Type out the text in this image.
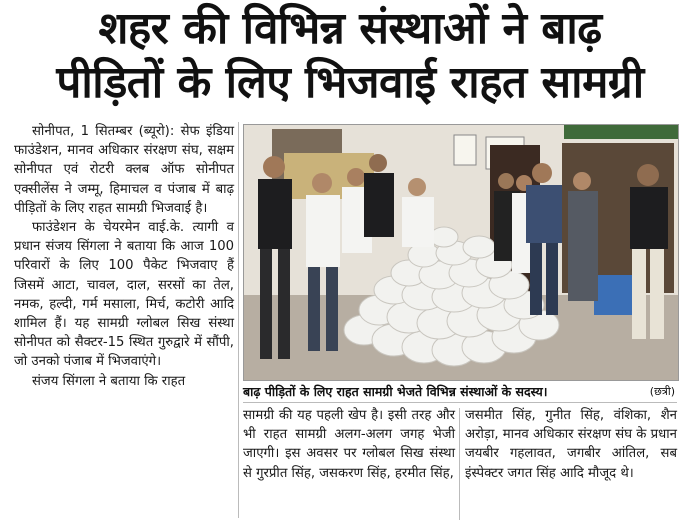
शहर की विभिन्न संस्थाओं ने बाढ़
पीड़ितों के लिए भिजवाई राहत सामग्री

सोनीपत, 1 सितम्बर (ब्यूरो): सेफ इंडिया फाउंडेशन, मानव अधिकार संरक्षण संघ, सक्षम सोनीपत एवं रोटरी क्लब ऑफ सोनीपत एक्सीलेंस ने जम्मू, हिमाचल व पंजाब में बाढ़ पीड़ितों के लिए राहत सामग्री भिजवाई है।

फाउंडेशन के चेयरमेन वाई.के. त्यागी व प्रधान संजय सिंगला ने बताया कि आज 100 परिवारों के लिए 100 पैकेट भिजवाए हैं जिसमें आटा, चावल, दाल, सरसों का तेल, नमक, हल्दी, गर्म मसाला, मिर्च, कटोरी आदि शामिल हैं। यह सामग्री ग्लोबल सिख संस्था सोनीपत को सैक्टर-15 स्थित गुरुद्वारे में सौंपी, जो उनको पंजाब में भिजवाएंगे।

संजय सिंगला ने बताया कि राहत

बाढ़ पीड़ितों के लिए राहत सामग्री भेजते विभिन्न संस्थाओं के सदस्य।	(छत्री)

सामग्री की यह पहली खेप है। इसी तरह और भी राहत सामग्री अलग-अलग जगह भेजी जाएगी। इस अवसर पर ग्लोबल सिख संस्था से गुरप्रीत सिंह, जसकरण सिंह, हरमीत सिंह,

जसमीत सिंह, गुनीत सिंह, वंशिका, शैन अरोड़ा, मानव अधिकार संरक्षण संघ के प्रधान जयबीर गहलावत, जगबीर आंतिल, सब इंस्पेक्टर जगत सिंह आदि मौजूद थे।
